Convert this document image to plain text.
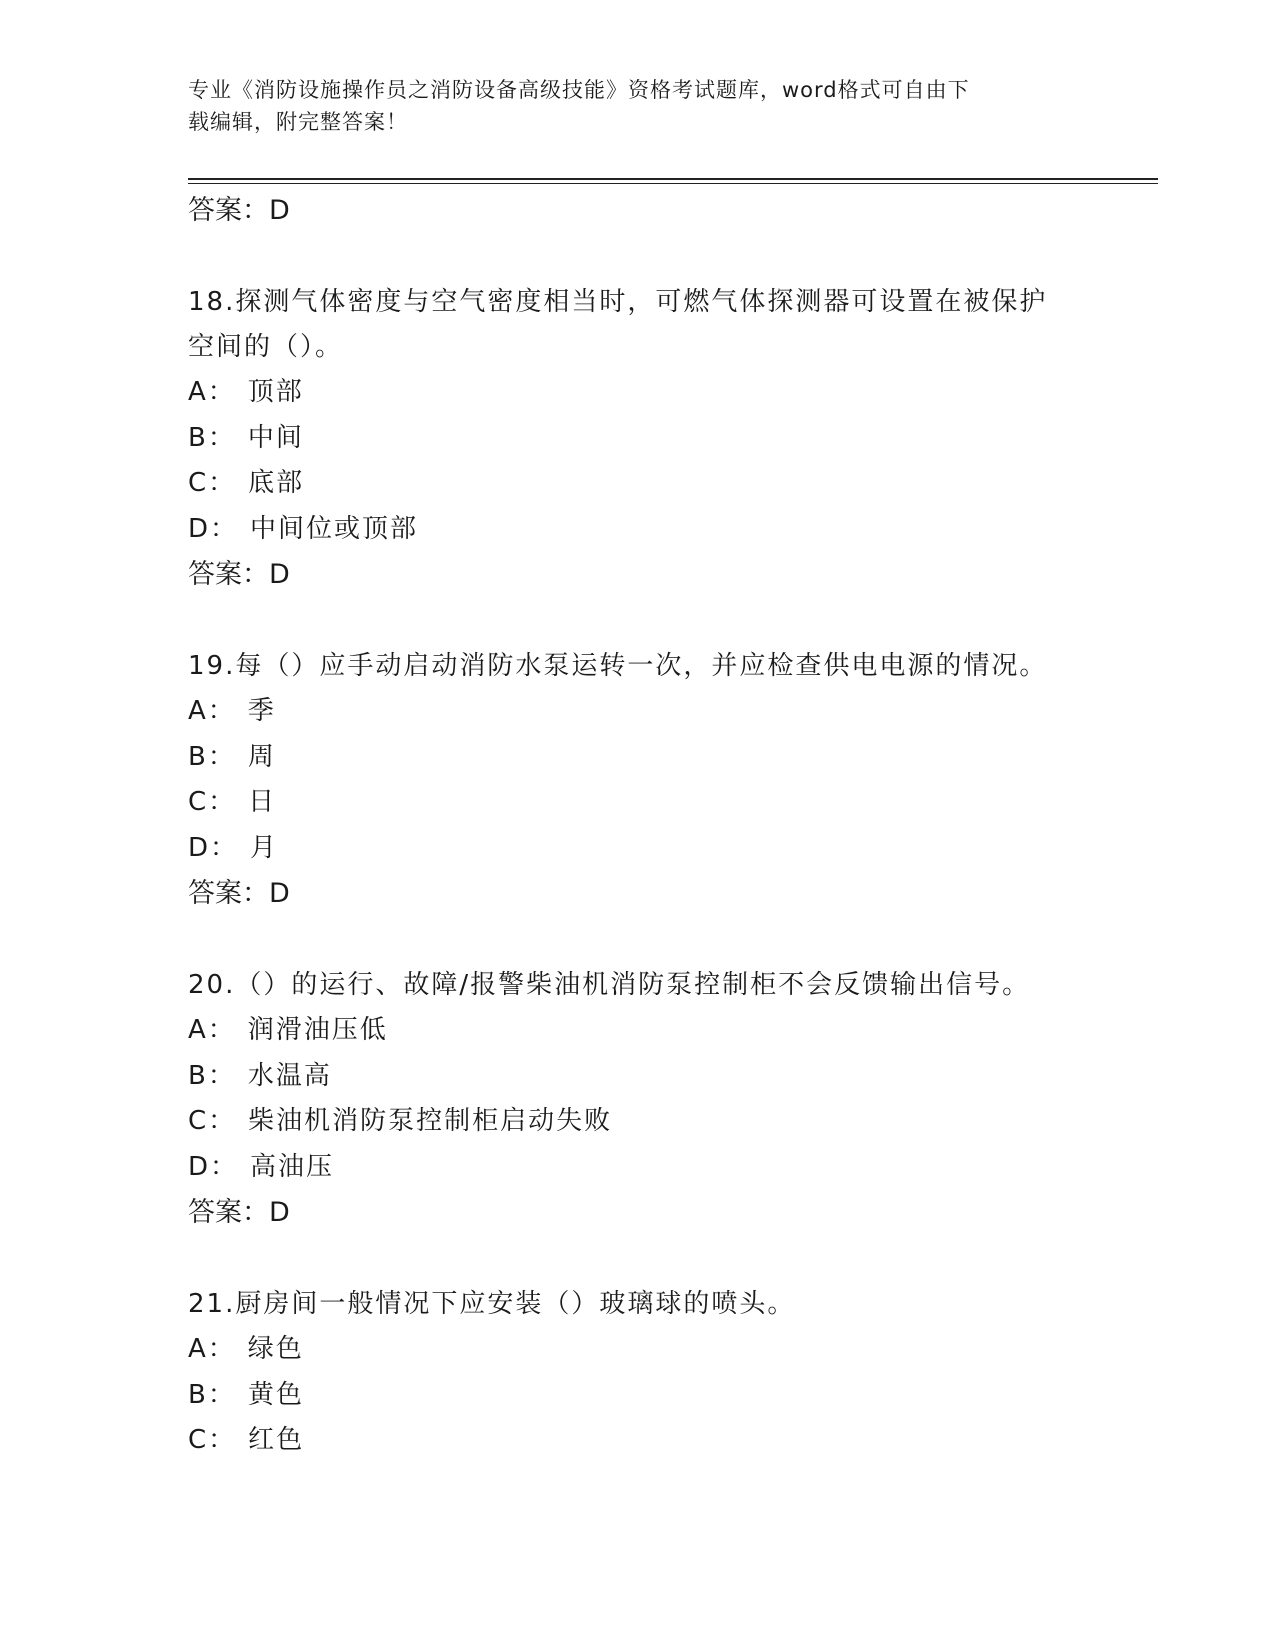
专业《消防设施操作员之消防设备高级技能》资格考试题库，word格式可自由下
载编辑，附完整答案！
答案：D
18.探测气体密度与空气密度相当时，可燃气体探测器可设置在被保护
空间的（）。
A： 顶部
B： 中间
C： 底部
D： 中间位或顶部
答案：D
19.每（）应手动启动消防水泵运转一次，并应检查供电电源的情况。
A： 季
B： 周
C： 日
D： 月
答案：D
20.（）的运行、故障/报警柴油机消防泵控制柜不会反馈输出信号。
A： 润滑油压低
B： 水温高
C： 柴油机消防泵控制柜启动失败
D： 高油压
答案：D
21.厨房间一般情况下应安装（）玻璃球的喷头。
A： 绿色
B： 黄色
C： 红色
